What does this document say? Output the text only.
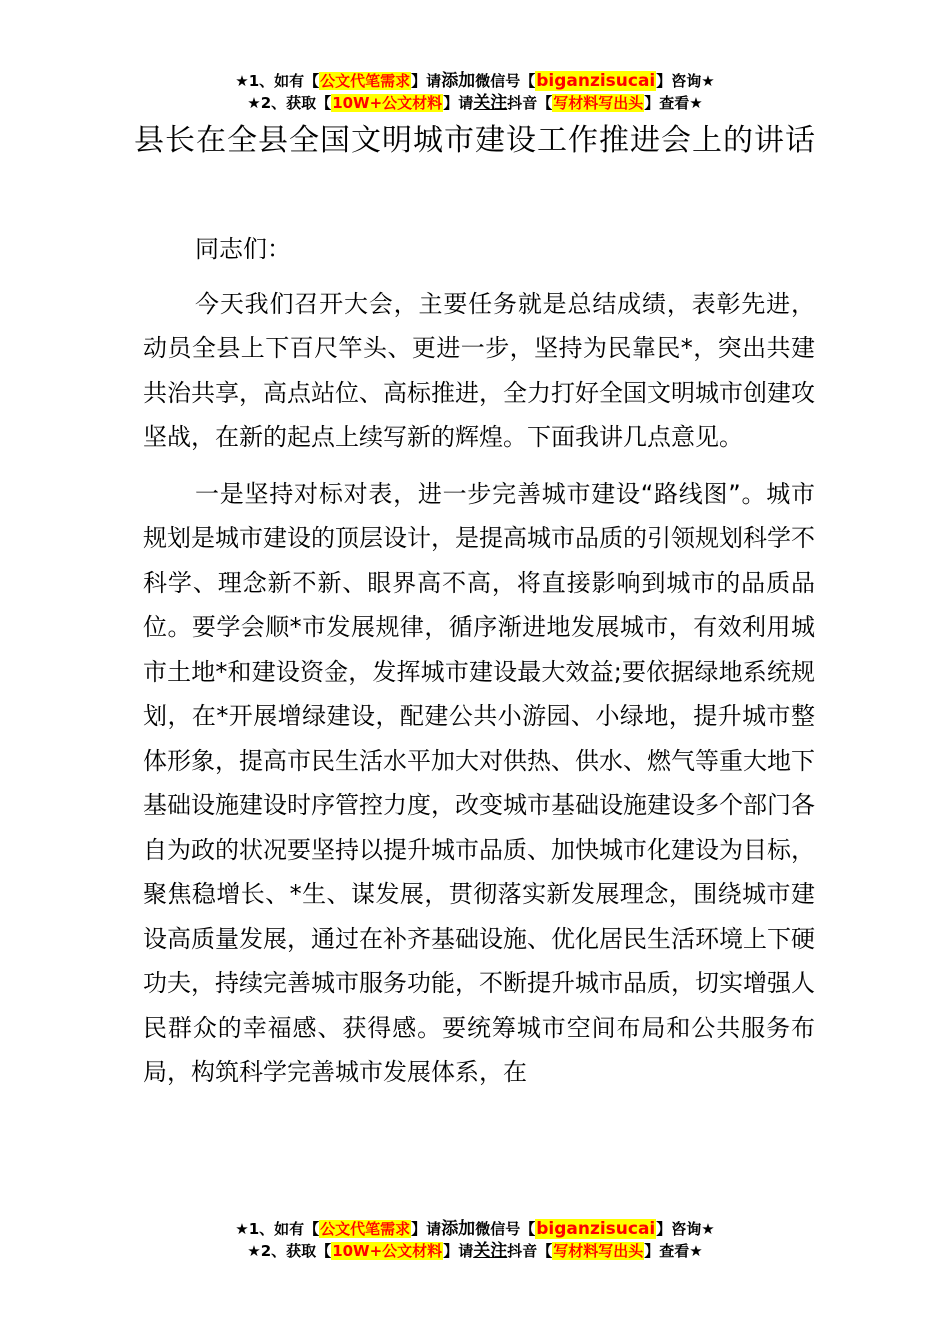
★1、如有【公文代笔需求】请添加微信号【biganzisucai】咨询★
★2、获取【10W+公文材料】请关注抖音【写材料写出头】查看★
县长在全县全国文明城市建设工作推进会上的讲话

同志们：

今天我们召开大会，主要任务就是总结成绩，表彰先进，动员全县上下百尺竿头、更进一步，坚持为民靠民*，突出共建共治共享，高点站位、高标推进，全力打好全国文明城市创建攻坚战，在新的起点上续写新的辉煌。下面我讲几点意见。

一是坚持对标对表，进一步完善城市建设“路线图”。城市规划是城市建设的顶层设计，是提高城市品质的引领规划科学不科学、理念新不新、眼界高不高，将直接影响到城市的品质品位。要学会顺*市发展规律，循序渐进地发展城市，有效利用城市土地*和建设资金，发挥城市建设最大效益;要依据绿地系统规划，在*开展增绿建设，配建公共小游园、小绿地，提升城市整体形象，提高市民生活水平加大对供热、供水、燃气等重大地下基础设施建设时序管控力度，改变城市基础设施建设多个部门各自为政的状况要坚持以提升城市品质、加快城市化建设为目标，聚焦稳增长、*生、谋发展，贯彻落实新发展理念，围绕城市建设高质量发展，通过在补齐基础设施、优化居民生活环境上下硬功夫，持续完善城市服务功能，不断提升城市品质，切实增强人民群众的幸福感、获得感。要统筹城市空间布局和公共服务布局，构筑科学完善城市发展体系，在

★1、如有【公文代笔需求】请添加微信号【biganzisucai】咨询★
★2、获取【10W+公文材料】请关注抖音【写材料写出头】查看★
